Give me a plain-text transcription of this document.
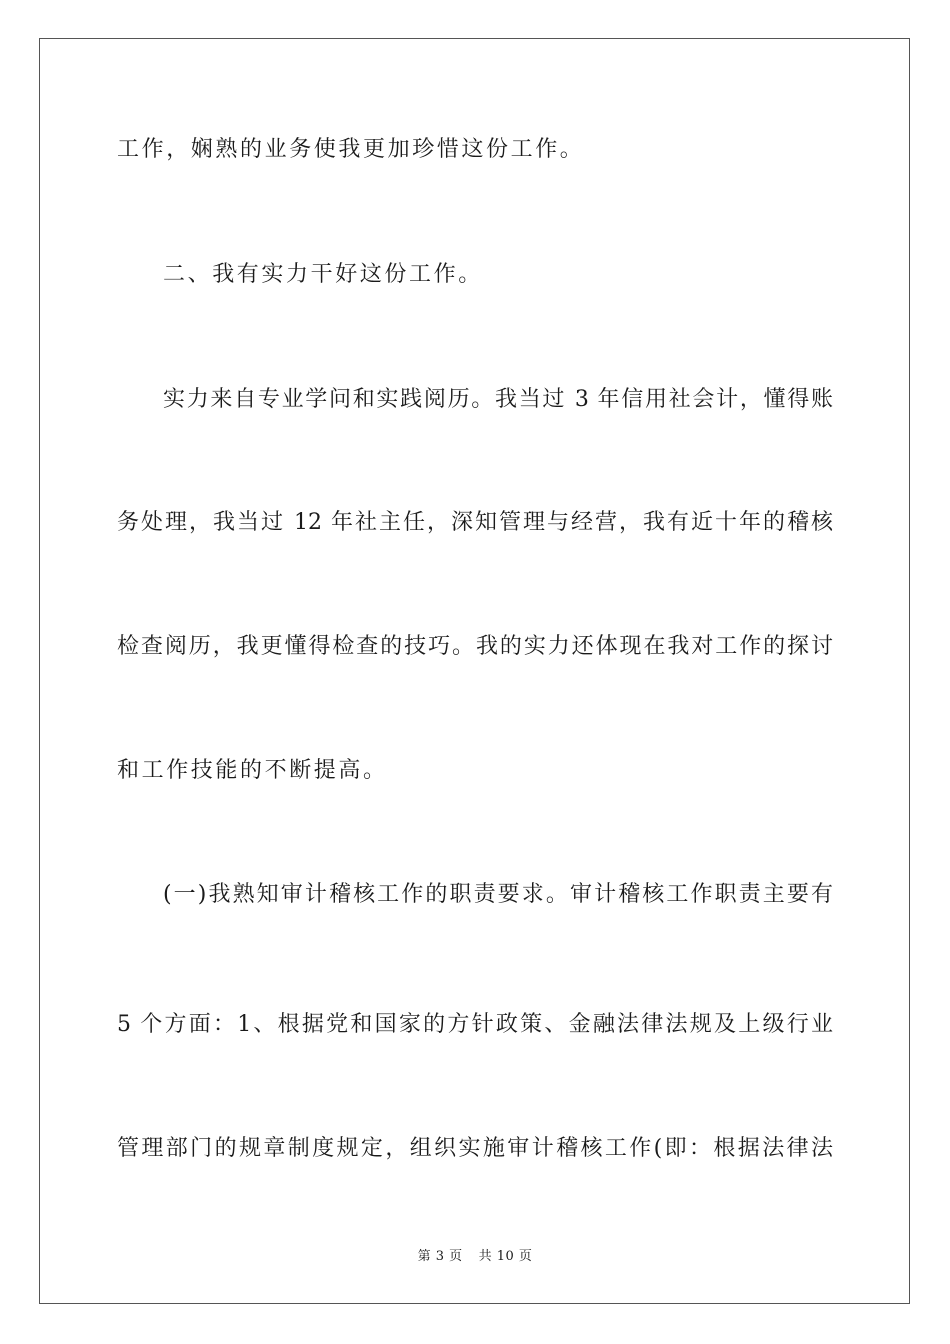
工作，娴熟的业务使我更加珍惜这份工作。
二、我有实力干好这份工作。
实力来自专业学问和实践阅历。我当过 3 年信用社会计，懂得账
务处理，我当过 12 年社主任，深知管理与经营，我有近十年的稽核
检查阅历，我更懂得检查的技巧。我的实力还体现在我对工作的探讨
和工作技能的不断提高。
(一)我熟知审计稽核工作的职责要求。审计稽核工作职责主要有
5 个方面：1、根据党和国家的方针政策、金融法律法规及上级行业
管理部门的规章制度规定，组织实施审计稽核工作(即：根据法律法
第 3 页 共 10 页
